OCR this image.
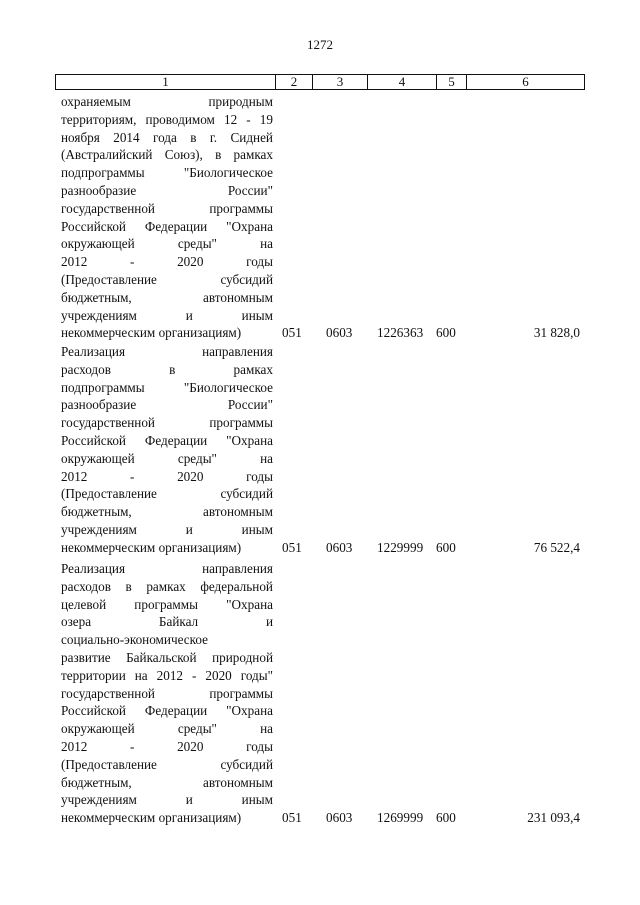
1272
1	2	3	4	5	6
охраняемым природным
территориям, проводимом 12 - 19
ноября 2014 года в г. Сидней
(Австралийский Союз), в рамках
подпрограммы "Биологическое
разнообразие России"
государственной программы
Российской Федерации "Охрана
окружающей среды" на
2012 - 2020 годы
(Предоставление субсидий
бюджетным, автономным
учреждениям и иным
некоммерческим организациям)	051 0603 1226363 600	31 828,0
Реализация направления
расходов в рамках
подпрограммы "Биологическое
разнообразие России"
государственной программы
Российской Федерации "Охрана
окружающей среды" на
2012 - 2020 годы
(Предоставление субсидий
бюджетным, автономным
учреждениям и иным
некоммерческим организациям)	051 0603 1229999 600	76 522,4
Реализация направления
расходов в рамках федеральной
целевой программы "Охрана
озера Байкал и
социально-экономическое
развитие Байкальской природной
территории на 2012 - 2020 годы"
государственной программы
Российской Федерации "Охрана
окружающей среды" на
2012 - 2020 годы
(Предоставление субсидий
бюджетным, автономным
учреждениям и иным
некоммерческим организациям)	051 0603 1269999 600	231 093,4
